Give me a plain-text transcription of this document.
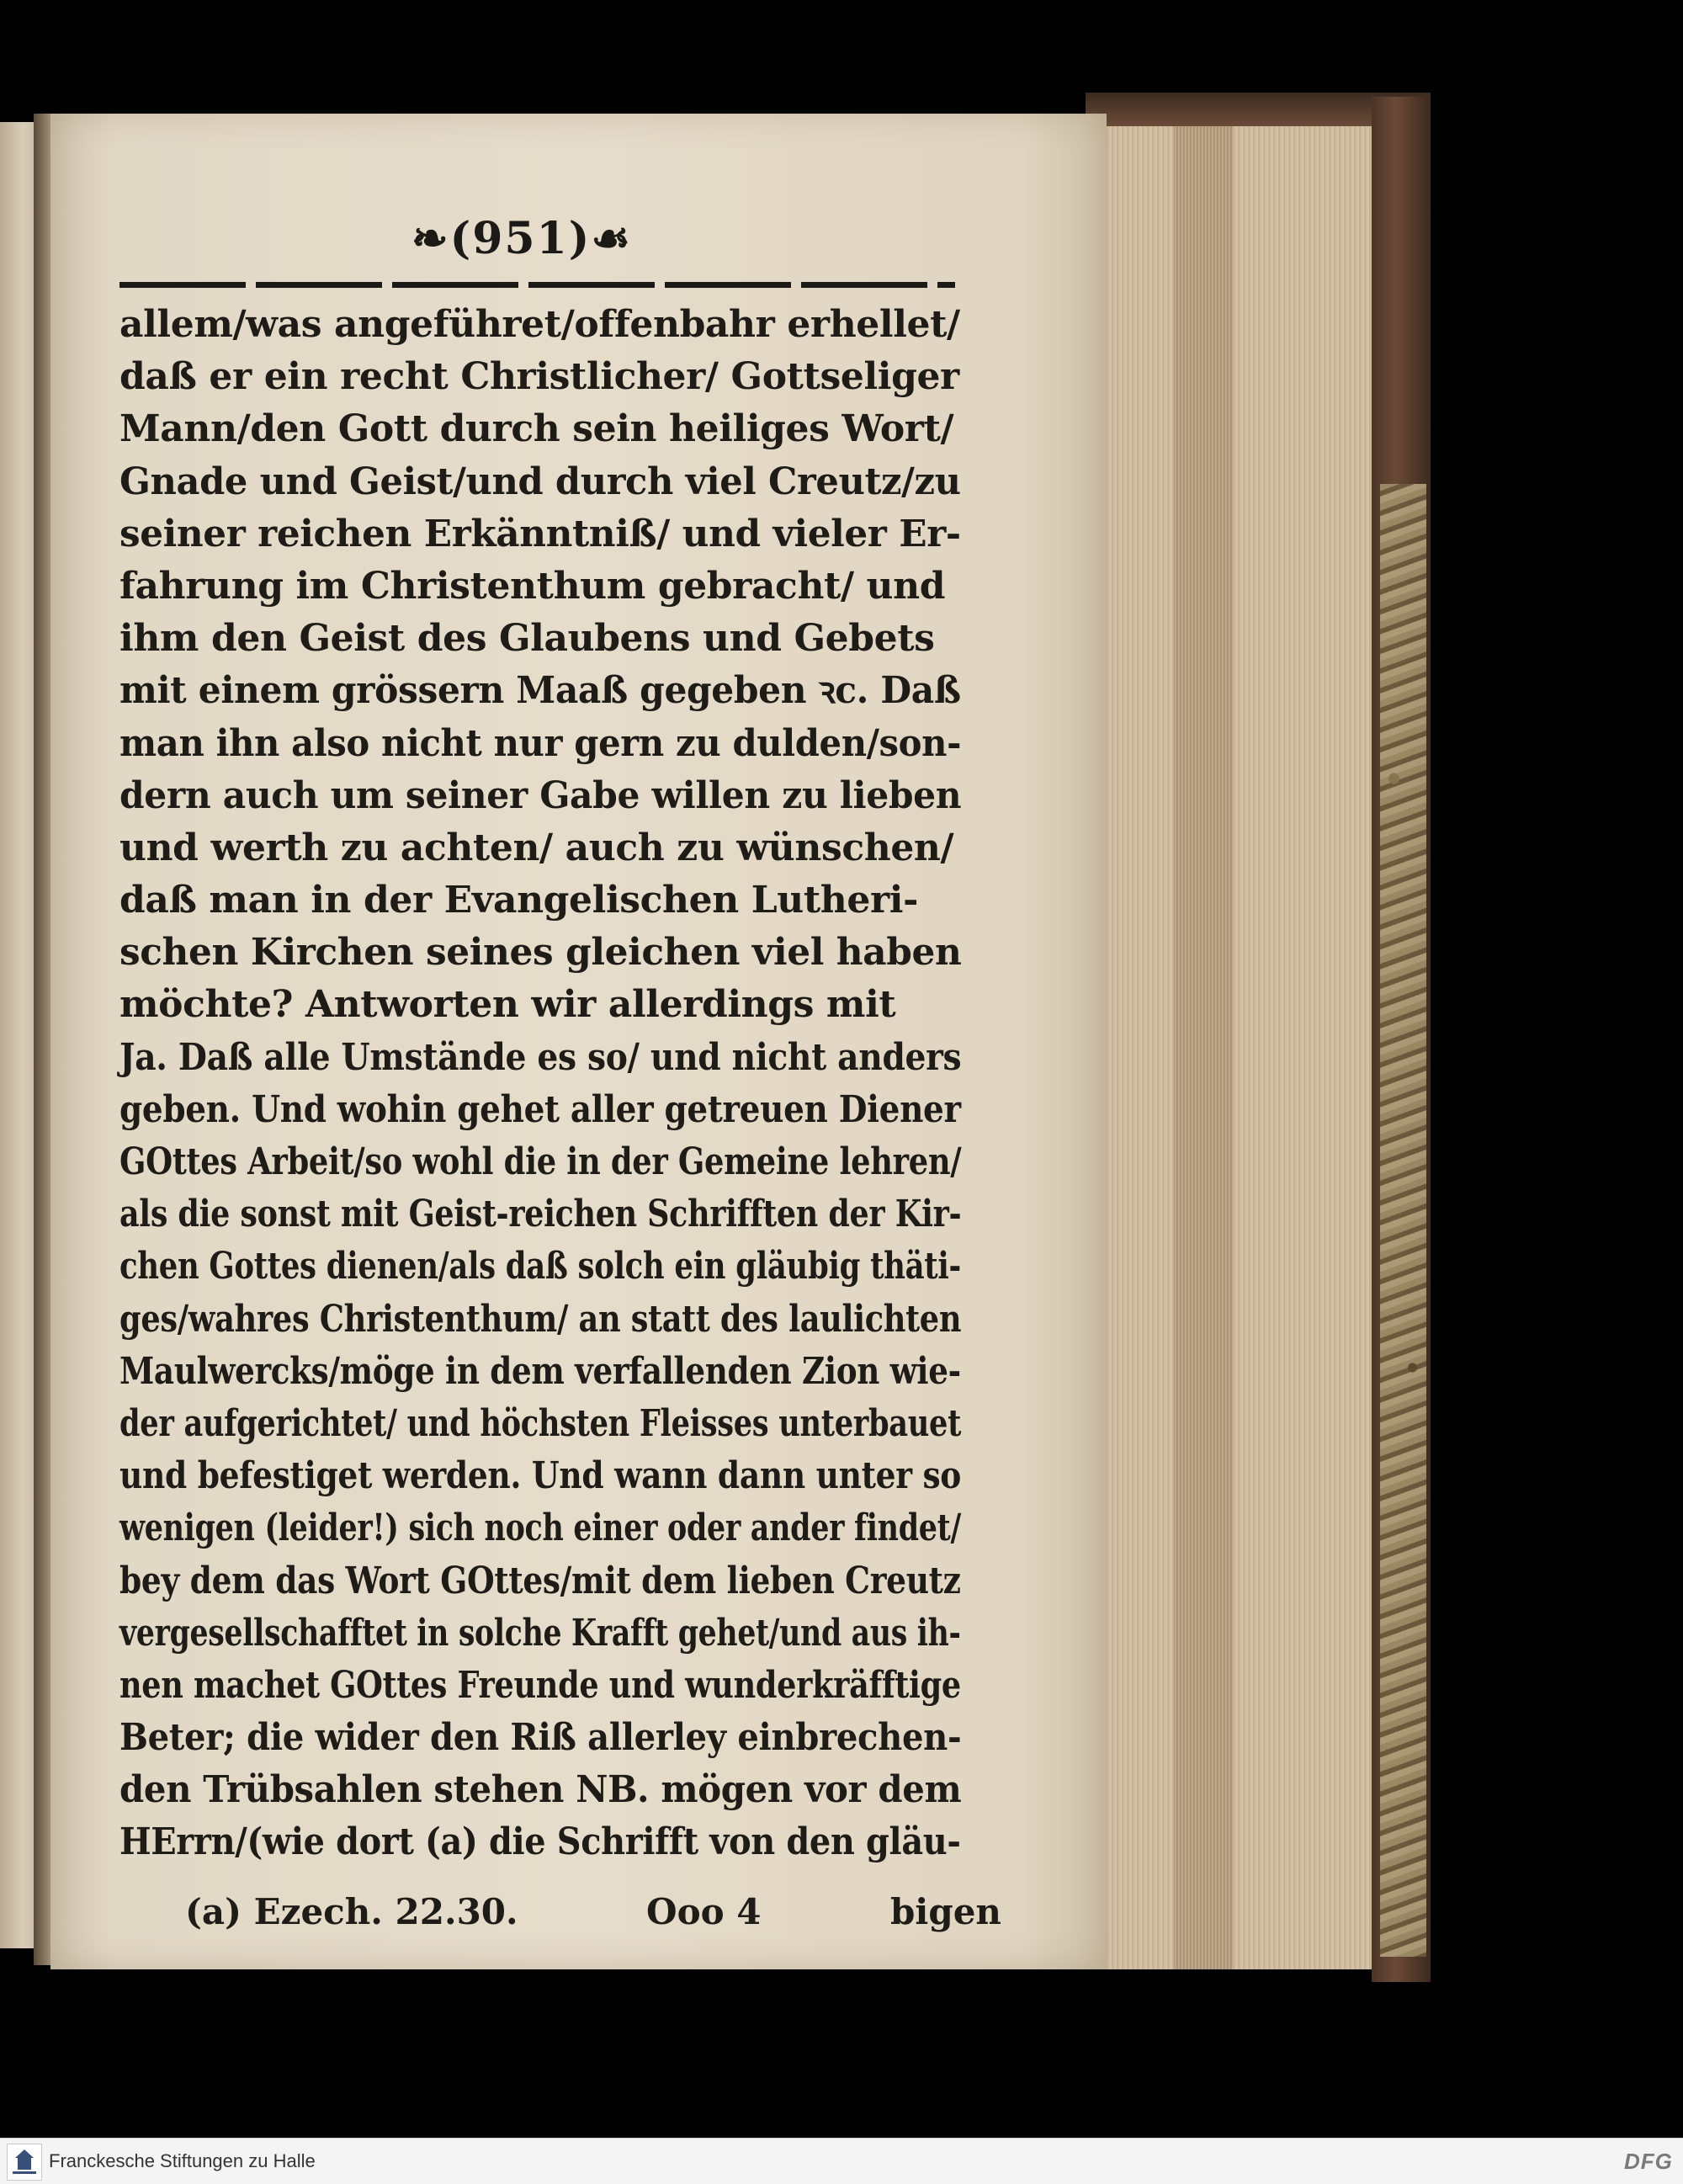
❧(951)☙
allem/was angeführet/offenbahr erhellet/
daß er ein recht Christlicher/ Gottseliger
Mann/den Gott durch sein heiliges Wort/
Gnade und Geist/und durch viel Creutz/zu
seiner reichen Erkänntniß/ und vieler Er-
fahrung im Christenthum gebracht/ und
ihm den Geist des Glaubens und Gebets
mit einem grössern Maaß gegeben ꝛc. Daß
man ihn also nicht nur gern zu dulden/son-
dern auch um seiner Gabe willen zu lieben
und werth zu achten/ auch zu wünschen/
daß man in der Evangelischen Lutheri-
schen Kirchen seines gleichen viel haben
möchte? Antworten wir allerdings mit
Ja. Daß alle Umstände es so/ und nicht anders
geben. Und wohin gehet aller getreuen Diener
GOttes Arbeit/so wohl die in der Gemeine lehren/
als die sonst mit Geist-reichen Schrifften der Kir-
chen Gottes dienen/als daß solch ein gläubig thäti-
ges/wahres Christenthum/ an statt des laulichten
Maulwercks/möge in dem verfallenden Zion wie-
der aufgerichtet/ und höchsten Fleisses unterbauet
und befestiget werden. Und wann dann unter so
wenigen (leider!) sich noch einer oder ander findet/
bey dem das Wort GOttes/mit dem lieben Creutz
vergesellschafftet in solche Krafft gehet/und aus ih-
nen machet GOttes Freunde und wunderkräfftige
Beter; die wider den Riß allerley einbrechen-
den Trübsahlen stehen NB. mögen vor dem
HErrn/(wie dort (a) die Schrifft von den gläu-
(a) Ezech. 22.30.	Ooo 4	bigen
Franckesche Stiftungen zu Halle	DFG
